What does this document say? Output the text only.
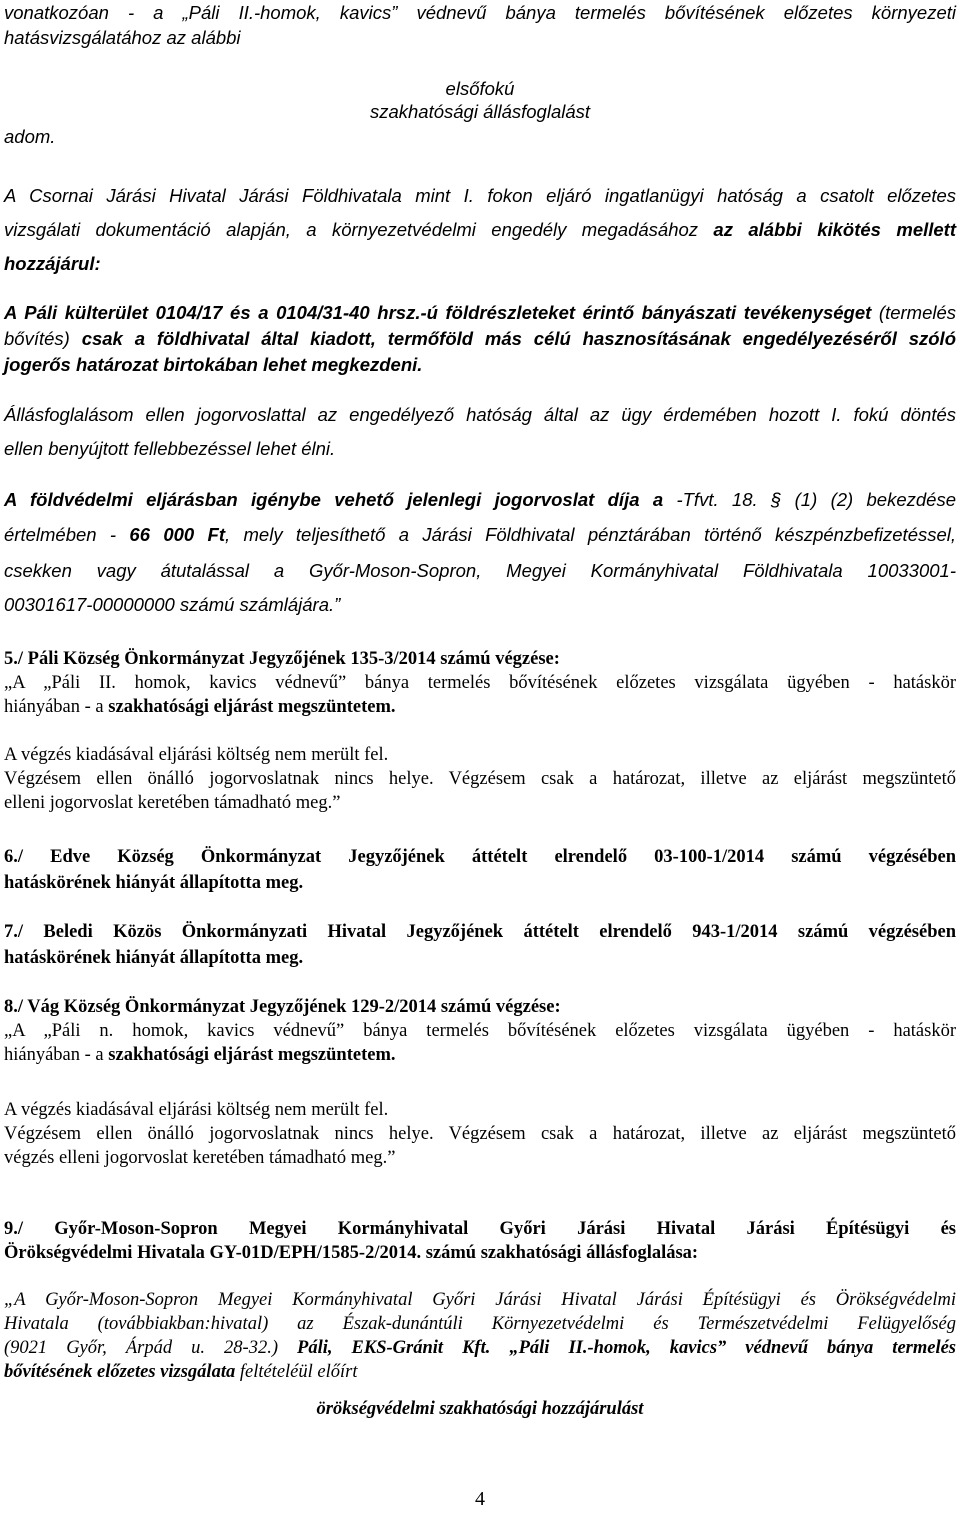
vonatkozóan - a „Páli II.-homok, kavics” védnevű bánya termelés bővítésének előzetes környezeti

hatásvizsgálatához az alábbi

elsőfokú

szakhatósági állásfoglalást

adom.

A Csornai Járási Hivatal Járási Földhivatala mint I. fokon eljáró ingatlanügyi hatóság a csatolt előzetes

vizsgálati dokumentáció alapján, a környezetvédelmi engedély megadásához az alábbi kikötés mellett

hozzájárul:

A Páli külterület 0104/17 és a 0104/31-40 hrsz.-ú földrészleteket érintő bányászati tevékenységet (termelés

bővítés) csak a földhivatal által kiadott, termőföld más célú hasznosításának engedélyezéséről szóló

jogerős határozat birtokában lehet megkezdeni.

Állásfoglalásom ellen jogorvoslattal az engedélyező hatóság által az ügy érdemében hozott I. fokú döntés

ellen benyújtott fellebbezéssel lehet élni.

A földvédelmi eljárásban igénybe vehető jelenlegi jogorvoslat díja a -Tfvt. 18. § (1) (2) bekezdése

értelmében - 66 000 Ft, mely teljesíthető a Járási Földhivatal pénztárában történő készpénzbefizetéssel,

csekken vagy átutalással a Győr-Moson-Sopron, Megyei Kormányhivatal Földhivatala 10033001-

00301617-00000000 számú számlájára.”

5./ Páli Község Önkormányzat Jegyzőjének 135-3/2014 számú végzése:

„A „Páli II. homok, kavics védnevű” bánya termelés bővítésének előzetes vizsgálata ügyében - hatáskör

hiányában - a szakhatósági eljárást megszüntetem.

A végzés kiadásával eljárási költség nem merült fel.

Végzésem ellen önálló jogorvoslatnak nincs helye. Végzésem csak a határozat, illetve az eljárást megszüntető

elleni jogorvoslat keretében támadható meg.”

6./ Edve Község Önkormányzat Jegyzőjének áttételt elrendelő 03-100-1/2014 számú végzésében

hatáskörének hiányát állapította meg.

7./ Beledi Közös Önkormányzati Hivatal Jegyzőjének áttételt elrendelő 943-1/2014 számú végzésében

hatáskörének hiányát állapította meg.

8./ Vág Község Önkormányzat Jegyzőjének 129-2/2014 számú végzése:

„A „Páli n. homok, kavics védnevű” bánya termelés bővítésének előzetes vizsgálata ügyében - hatáskör

hiányában - a szakhatósági eljárást megszüntetem.

A végzés kiadásával eljárási költség nem merült fel.

Végzésem ellen önálló jogorvoslatnak nincs helye. Végzésem csak a határozat, illetve az eljárást megszüntető

végzés elleni jogorvoslat keretében támadható meg.”

9./ Győr-Moson-Sopron Megyei Kormányhivatal Győri Járási Hivatal Járási Építésügyi és

Örökségvédelmi Hivatala GY-01D/EPH/1585-2/2014. számú szakhatósági állásfoglalása:

„A Győr-Moson-Sopron Megyei Kormányhivatal Győri Járási Hivatal Járási Építésügyi és Örökségvédelmi

Hivatala (továbbiakban:hivatal) az Észak-dunántúli Környezetvédelmi és Természetvédelmi Felügyelőség

(9021 Győr, Árpád u. 28-32.) Páli, EKS-Gránit Kft. „Páli II.-homok, kavics” védnevű bánya termelés

bővítésének előzetes vizsgálata feltételéül előírt

örökségvédelmi szakhatósági hozzájárulást

4
